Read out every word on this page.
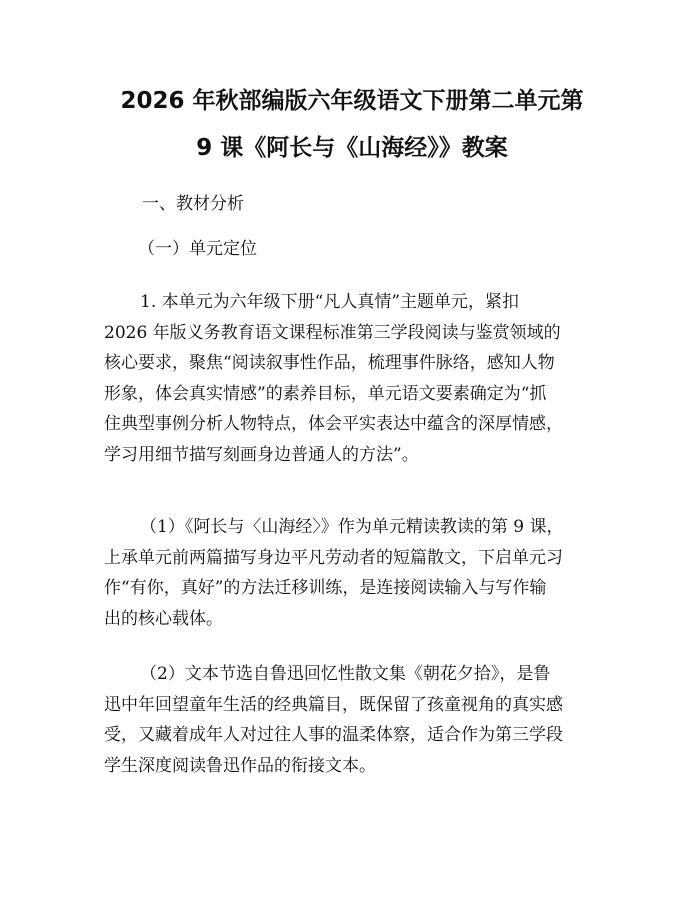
2026 年秋部编版六年级语文下册第二单元第
9 课《阿长与《山海经》》教案

一、教材分析

（一）单元定位

1. 本单元为六年级下册“凡人真情”主题单元，紧扣
2026 年版义务教育语文课程标准第三学段阅读与鉴赏领域的
核心要求，聚焦“阅读叙事性作品，梳理事件脉络，感知人物
形象，体会真实情感”的素养目标，单元语文要素确定为“抓
住典型事例分析人物特点，体会平实表达中蕴含的深厚情感，
学习用细节描写刻画身边普通人的方法”。
（1）《阿长与〈山海经〉》作为单元精读教读的第 9 课，
上承单元前两篇描写身边平凡劳动者的短篇散文，下启单元习
作“有你，真好”的方法迁移训练，是连接阅读输入与写作输
出的核心载体。
（2）文本节选自鲁迅回忆性散文集《朝花夕拾》，是鲁
迅中年回望童年生活的经典篇目，既保留了孩童视角的真实感
受，又藏着成年人对过往人事的温柔体察，适合作为第三学段
学生深度阅读鲁迅作品的衔接文本。
